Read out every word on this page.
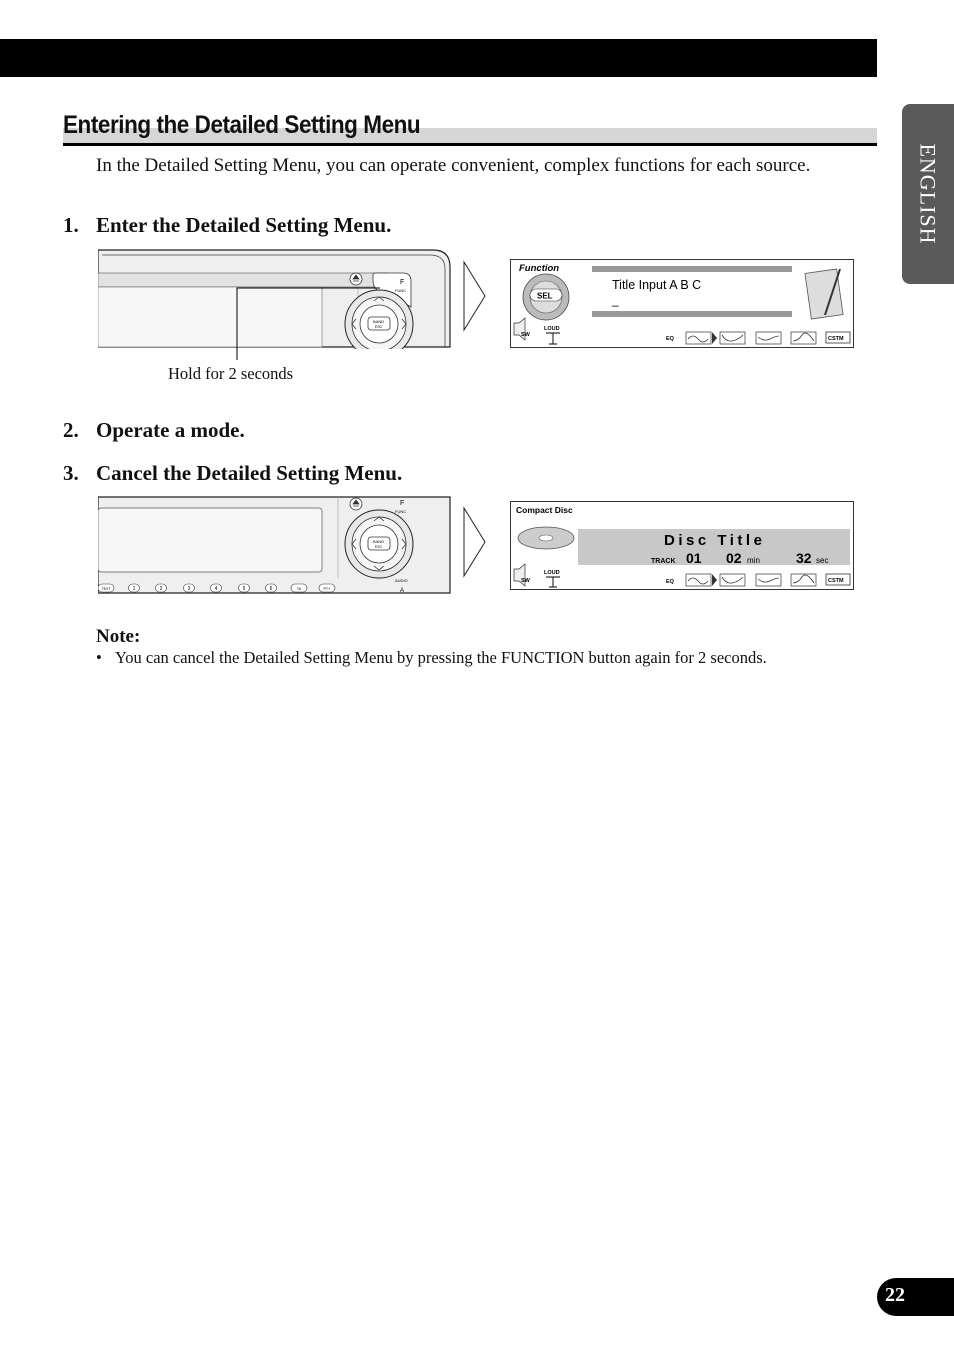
ENGLISH
Entering the Detailed Setting Menu
In the Detailed Setting Menu, you can operate convenient, complex functions for each source.
1. Enter the Detailed Setting Menu.
F
FUNC
BAND
ESC
Hold for 2 seconds
Function
SEL
Title Input A B C
_
SW
LOUD
EQ	CSTM
2. Operate a mode.
3. Cancel the Detailed Setting Menu.
F
FUNC
BAND
ESC
AUDIO
A
TEXT	1	2	3	4	5	6	TA	PTY
Compact Disc
Disc Title
TRACK 01 02 min	32 sec
SW
LOUD
EQ	CSTM
Note:
• You can cancel the Detailed Setting Menu by pressing the FUNCTION button again for 2 seconds.
22
